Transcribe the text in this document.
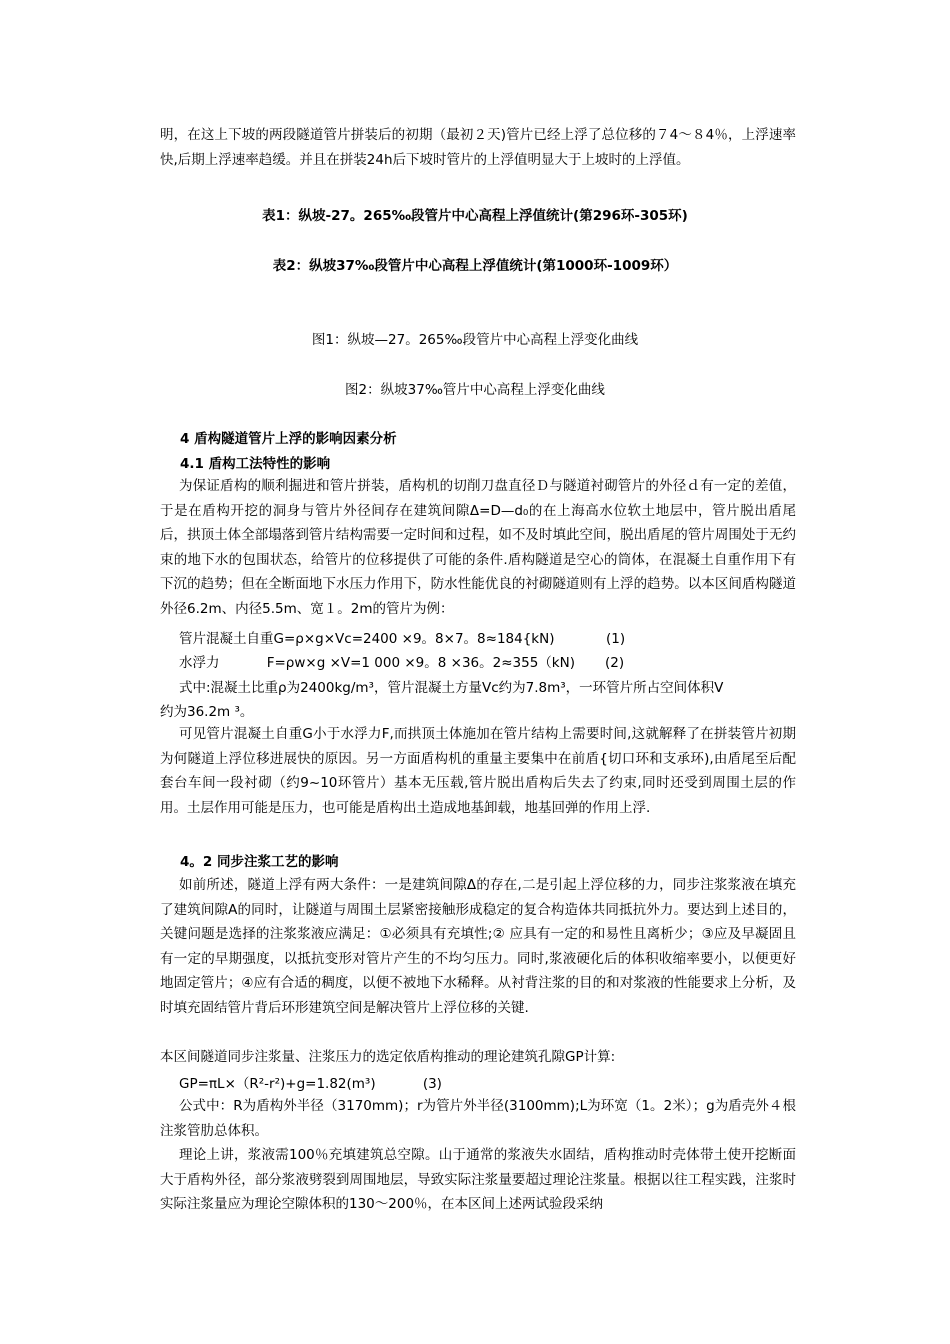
明，在这上下坡的两段隧道管片拼装后的初期（最初２天)管片已经上浮了总位移的７4～８4％，上浮速率快,后期上浮速率趋缓。并且在拼装24h后下坡时管片的上浮值明显大于上坡时的上浮值。
表1：纵坡-27。265‰段管片中心高程上浮值统计(第296环-305环)
表2：纵坡37‰段管片中心高程上浮值统计(第1000环-1009环）
图1：纵坡—27。265‰段管片中心高程上浮变化曲线
图2：纵坡37‰管片中心高程上浮变化曲线
4 盾构隧道管片上浮的影响因素分析
4.1 盾构工法特性的影响
为保证盾构的顺利掘进和管片拼装，盾构机的切削刀盘直径Ｄ与隧道衬砌管片的外径ｄ有一定的差值，于是在盾构开挖的洞身与管片外径间存在建筑间隙Δ=D—d₀的在上海高水位软土地层中，管片脱出盾尾后，拱顶土体全部塌落到管片结构需要一定时间和过程，如不及时填此空间，脱出盾尾的管片周围处于无约束的地下水的包围状态，给管片的位移提供了可能的条件.盾构隧道是空心的筒体，在混凝土自重作用下有下沉的趋势；但在全断面地下水压力作用下，防水性能优良的衬砌隧道则有上浮的趋势。以本区间盾构隧道外径6.2m、内径5.5m、宽１。2m的管片为例：
管片混凝土自重G=ρ×g×Vc=2400 ×9。8×7。8≈184{kN)            (1)
水浮力           F=ρw×g ×V=1 000 ×9。8 ×36。2≈355（kN)       (2)
式中:混凝土比重ρ为2400kg/m³，管片混凝土方量Vc约为7.8m³，一环管片所占空间体积V
约为36.2m ³。
可见管片混凝土自重G小于水浮力F,而拱顶土体施加在管片结构上需要时间,这就解释了在拼装管片初期为何隧道上浮位移进展快的原因。另一方面盾构机的重量主要集中在前盾{切口环和支承环),由盾尾至后配套台车间一段衬砌（约9~10环管片）基本无压载,管片脱出盾构后失去了约束,同时还受到周围土层的作用。土层作用可能是压力，也可能是盾构出土造成地基卸载，地基回弹的作用上浮.
4。2 同步注浆工艺的影响
如前所述，隧道上浮有两大条件：一是建筑间隙Δ的存在,二是引起上浮位移的力，同步注浆浆液在填充了建筑间隙A的同时，让隧道与周围土层紧密接触形成稳定的复合构造体共同抵抗外力。要达到上述目的，关键问题是选择的注浆浆液应满足：①必须具有充填性;② 应具有一定的和易性且离析少；③应及早凝固且有一定的早期强度，以抵抗变形对管片产生的不均匀压力。同时,浆液硬化后的体积收缩率要小，以便更好地固定管片；④应有合适的稠度，以便不被地下水稀释。从衬背注浆的目的和对浆液的性能要求上分析，及时填充固结管片背后环形建筑空间是解决管片上浮位移的关键.
本区间隧道同步注浆量、注浆压力的选定依盾构推动的理论建筑孔隙GP计算:
GP=πL×（R²-r²)+g=1.82(m³)           (3)
公式中：R为盾构外半径（3170mm)；r为管片外半径(3100mm);L为环宽（1。2米）；g为盾壳外４根注浆管肋总体积。
理论上讲，浆液需100％充填建筑总空隙。山于通常的浆液失水固结，盾构推动时壳体带土使开挖断面大于盾构外径，部分浆液劈裂到周围地层，导致实际注浆量要超过理论注浆量。根据以往工程实践，注浆时实际注浆量应为理论空隙体积的130～200％，在本区间上述两试验段采纳
